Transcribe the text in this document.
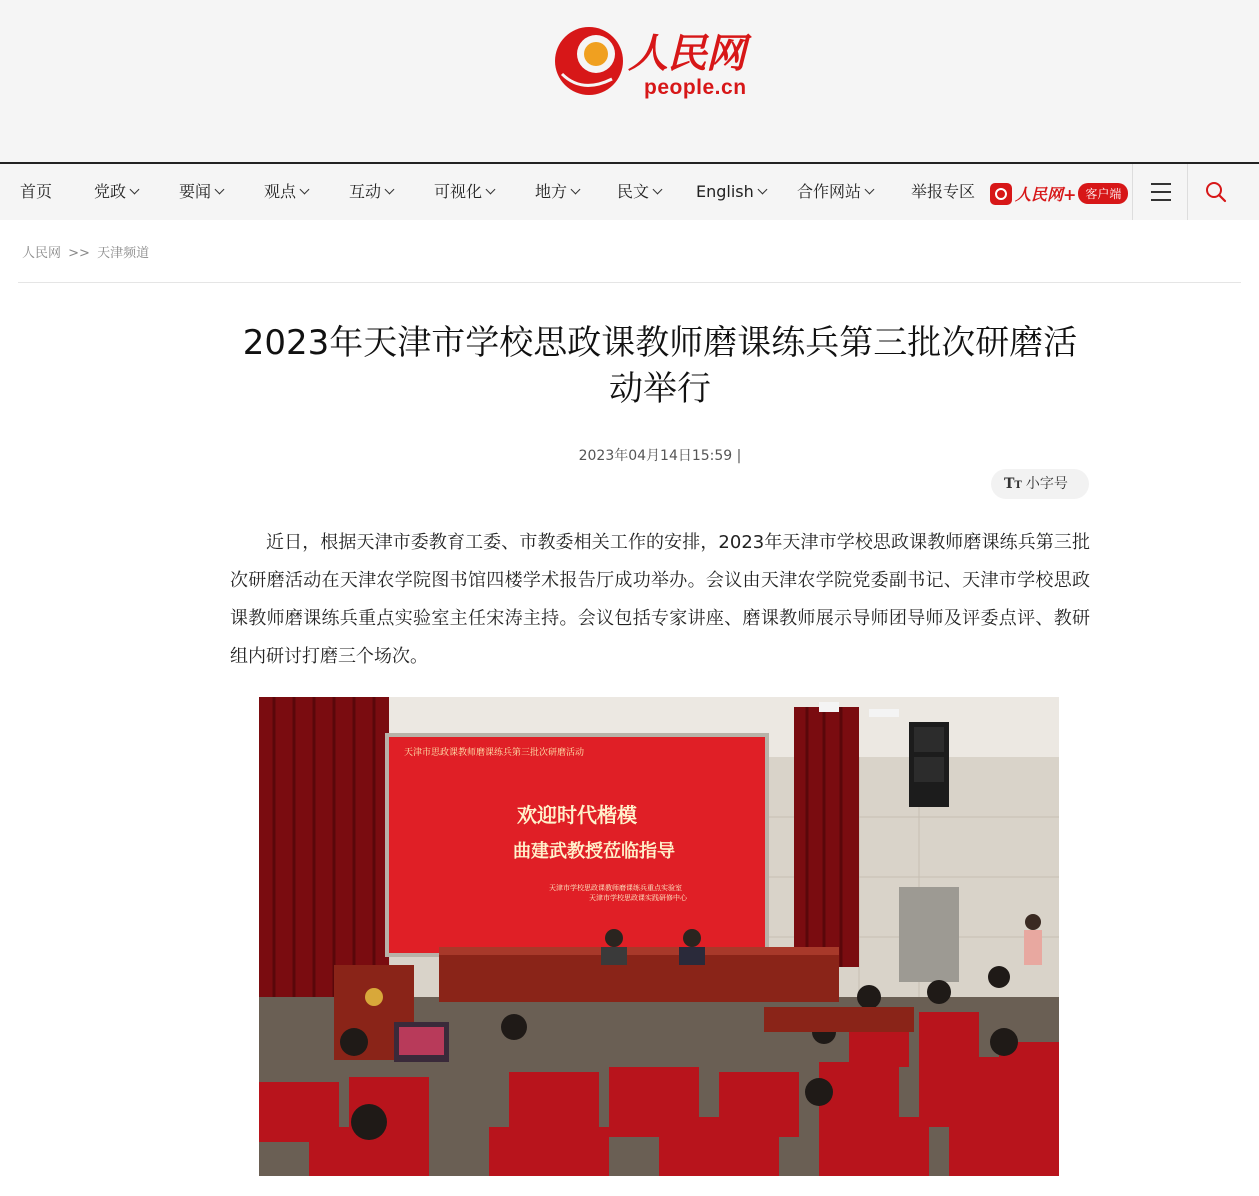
人民网
people.cn
首页	党政	要闻	观点	互动	可视化	地方	民文	English	合作网站	举报专区	人民网+ 客户端
人民网 >> 天津频道
2023年天津市学校思政课教师磨课练兵第三批次研磨活动举行
2023年04月14日15:59 |
TT 小字号

近日，根据天津市委教育工委、市教委相关工作的安排，2023年天津市学校思政课教师磨课练兵第三批次研磨活动在天津农学院图书馆四楼学术报告厅成功举办。会议由天津农学院党委副书记、天津市学校思政课教师磨课练兵重点实验室主任宋涛主持。会议包括专家讲座、磨课教师展示导师团导师及评委点评、教研组内研讨打磨三个场次。

天津市思政课教师磨课练兵第三批次研磨活动
欢迎时代楷模
曲建武教授莅临指导
天津市学校思政课教师磨课练兵重点实验室
天津市学校思政课实践研修中心
